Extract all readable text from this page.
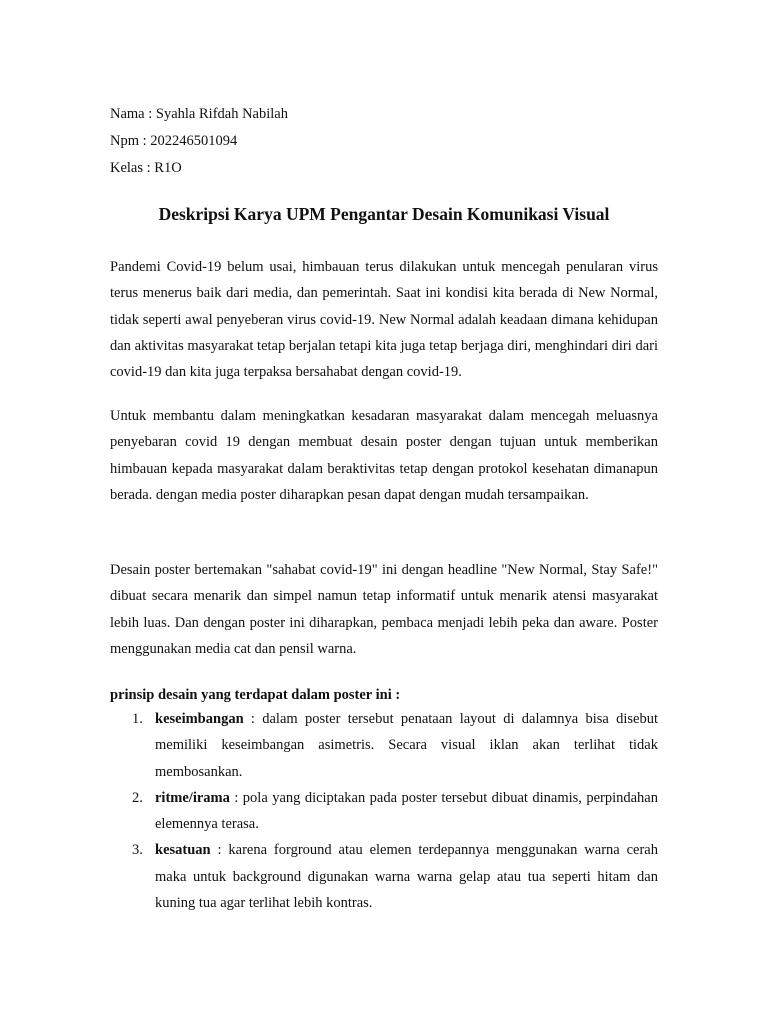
Nama : Syahla Rifdah Nabilah
Npm : 202246501094
Kelas : R1O
Deskripsi Karya UPM Pengantar Desain Komunikasi Visual

Pandemi Covid-19 belum usai, himbauan terus dilakukan untuk mencegah penularan virus terus menerus baik dari media, dan pemerintah. Saat ini kondisi kita berada di New Normal, tidak seperti awal penyeberan virus covid-19. New Normal adalah keadaan dimana kehidupan dan aktivitas masyarakat tetap berjalan tetapi kita juga tetap berjaga diri, menghindari diri dari covid-19 dan kita juga terpaksa bersahabat dengan covid-19.

Untuk membantu dalam meningkatkan kesadaran masyarakat dalam mencegah meluasnya penyebaran covid 19 dengan membuat desain poster dengan tujuan untuk memberikan himbauan kepada masyarakat dalam beraktivitas tetap dengan protokol kesehatan dimanapun berada. dengan media poster diharapkan pesan dapat dengan mudah tersampaikan.

Desain poster bertemakan "sahabat covid-19" ini dengan headline "New Normal, Stay Safe!" dibuat secara menarik dan simpel namun tetap informatif untuk menarik atensi masyarakat lebih luas. Dan dengan poster ini diharapkan, pembaca menjadi lebih peka dan aware. Poster menggunakan media cat dan pensil warna.

prinsip desain yang terdapat dalam poster ini :

1. keseimbangan : dalam poster tersebut penataan layout di dalamnya bisa disebut memiliki keseimbangan asimetris. Secara visual iklan akan terlihat tidak membosankan.
2. ritme/irama : pola yang diciptakan pada poster tersebut dibuat dinamis, perpindahan elemennya terasa.
3. kesatuan : karena forground atau elemen terdepannya menggunakan warna cerah maka untuk background digunakan warna warna gelap atau tua seperti hitam dan kuning tua agar terlihat lebih kontras.
